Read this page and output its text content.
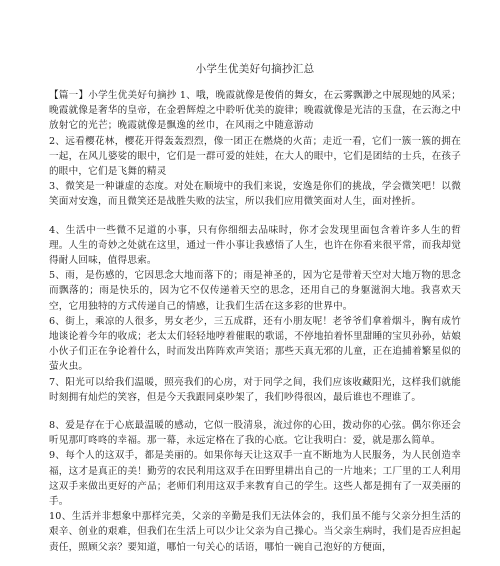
小学生优美好句摘抄汇总

【篇一】小学生优美好句摘抄 1、哦，晚霞就像是俊俏的舞女，在云雾飘渺之中展现她的风采；晚霞就像是奢华的皇帝，在金碧辉煌之中聆听优美的旋律；晚霞就像是光洁的玉盘，在云海之中放射它的光芒；晚霞就像是飘逸的丝巾，在风雨之中随意游动

2、远看樱花林，樱花开得轰轰烈烈，像一团正在燃烧的火苗；走近一看，它们一簇一簇的拥在一起，在风儿婆娑的眼中，它们是一群可爱的娃娃，在大人的眼中，它们是团结的士兵，在孩子的眼中，它们是飞舞的精灵

3、微笑是一种谦虚的态度。对处在顺境中的我们来说，安逸是你们的挑战，学会微笑吧！以微笑面对安逸，而且微笑还是战胜失败的法宝，所以我们应用微笑面对人生，面对挫折。

4、生活中一些微不足道的小事，只有你细细去品味时，你才会发现里面包含着许多人生的哲理。人生的奇妙之处就在这里，通过一件小事让我感悟了人生，也许在你看来很平常，而我却觉得耐人回味，值得思索。

5、雨，是伤感的，它因思念大地而落下的；雨是神圣的，因为它是带着天空对大地万物的思念而飘落的；雨是快乐的，因为它不仅传递着天空的思念，还用自己的身躯滋润大地。我喜欢天空，它用独特的方式传递自己的情感，让我们生活在这多彩的世界中。

6、街上，乘凉的人很多，男女老少，三五成群，还有小朋友呢！老爷爷们拿着烟斗，胸有成竹地谈论着今年的收成；老太太们轻轻地哼着催眠的歌谣，不停地拍着怀里甜睡的宝贝孙孙，姑娘小伙子们正在争论着什么，时而发出阵阵欢声笑语；那些天真无邪的儿童，正在追捕着繁星似的萤火虫。

7、阳光可以给我们温暖，照亮我们的心房，对于同学之间，我们应该收藏阳光，这样我们就能时刻拥有灿烂的笑容，但是今天我跟同桌吵架了，我们吵得很凶，最后谁也不理谁了。

8、爱是存在于心底最温暖的感动，它似一股清泉，流过你的心田，拨动你的心弦。偶尔你还会听见那叮咚咚的幸福。那一幕，永远定格在了我的心底。它让我明白：爱，就是那么简单。

9、每个人的这双手，都是美丽的。如果你每天让这双手一直不断地为人民服务，为人民创造幸福，这才是真正的美！勤劳的农民利用这双手在田野里耕出自己的一片地来；工厂里的工人利用这双手来做出更好的产品；老师们利用这双手来教育自己的学生。这些人都是拥有了一双美丽的手。

10、生活并非想象中那样完美，父亲的辛勤是我们无法体会的，我们虽不能与父亲分担生活的艰辛、创业的艰难，但我们在生活上可以少让父亲为自己操心。当父亲生病时，我们是否应担起责任，照顾父亲？要知道，哪怕一句关心的话语，哪怕一碗自己泡好的方便面，
